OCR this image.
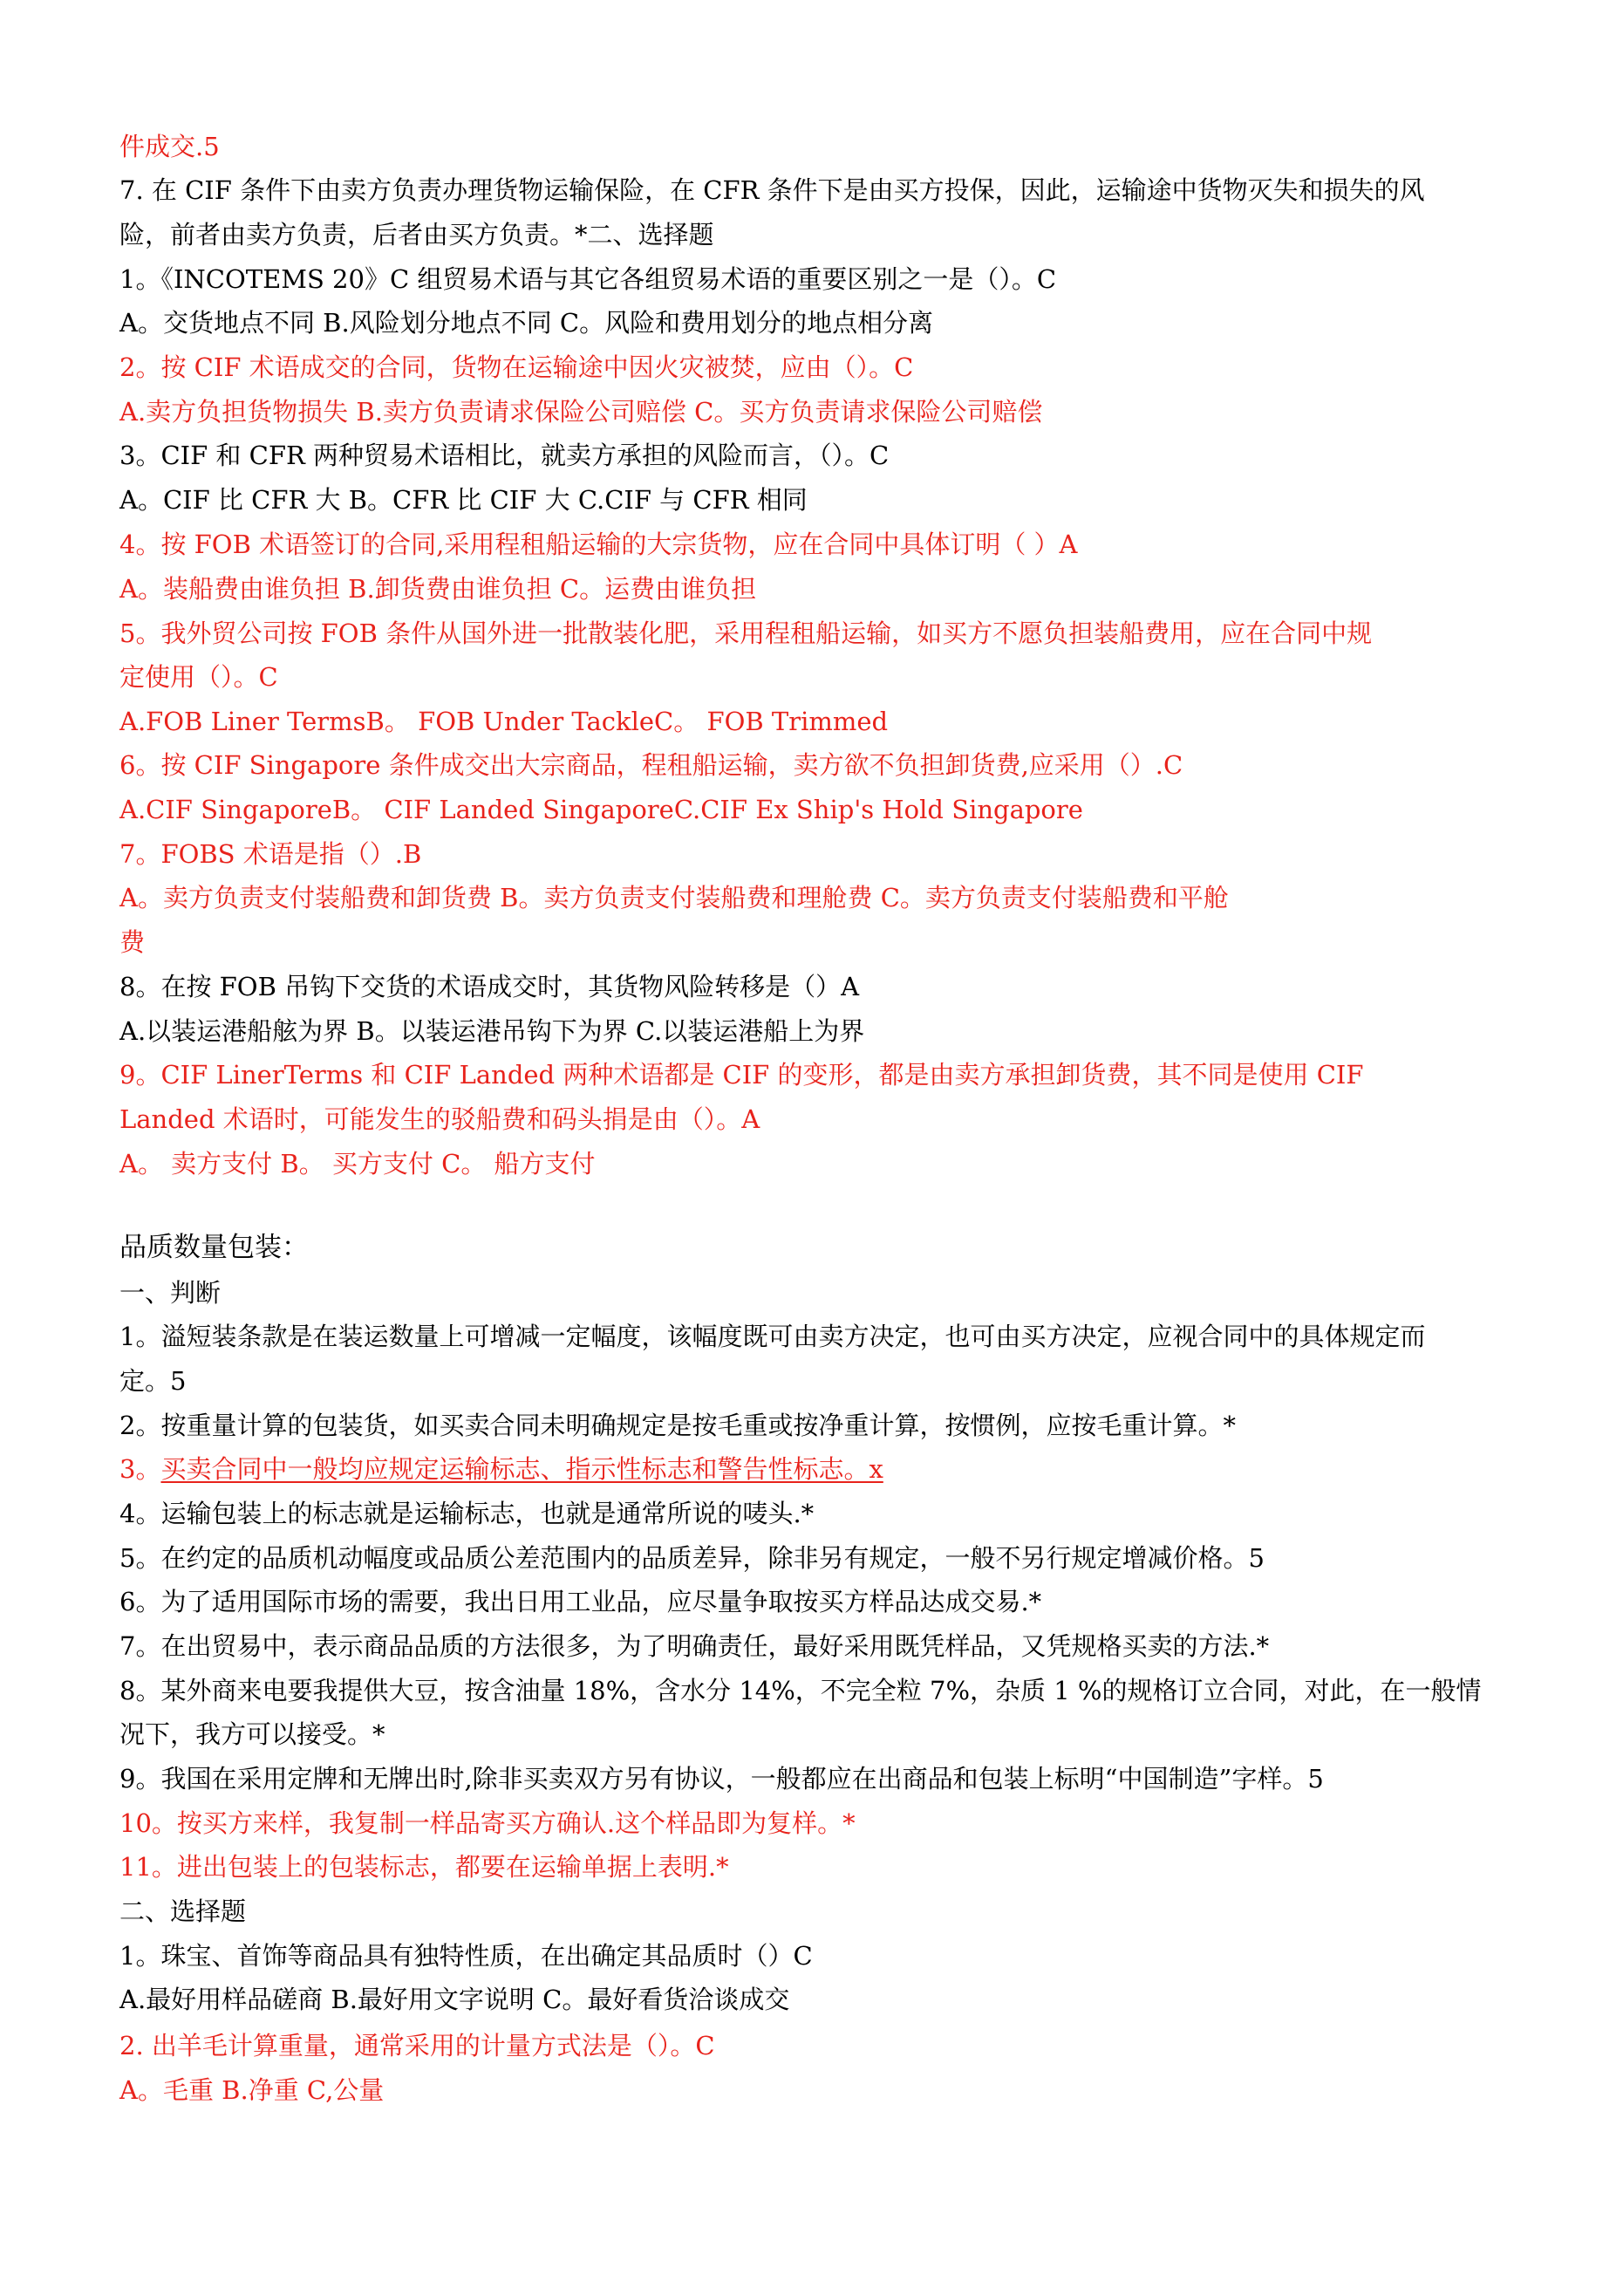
件成交.5
7. 在 CIF 条件下由卖方负责办理货物运输保险，在 CFR 条件下是由买方投保，因此，运输途中货物灭失和损失的风
险，前者由卖方负责，后者由买方负责。*二、选择题
1。《INCOTEMS 20》C 组贸易术语与其它各组贸易术语的重要区别之一是（）。C
A。交货地点不同 B.风险划分地点不同 C。风险和费用划分的地点相分离
2。按 CIF 术语成交的合同，货物在运输途中因火灾被焚，应由（）。C
A.卖方负担货物损失 B.卖方负责请求保险公司赔偿 C。买方负责请求保险公司赔偿
3。CIF 和 CFR 两种贸易术语相比，就卖方承担的风险而言，（）。C
A。CIF 比 CFR 大 B。CFR 比 CIF 大 C.CIF 与 CFR 相同
4。按 FOB 术语签订的合同,采用程租船运输的大宗货物，应在合同中具体订明（ ）A
A。装船费由谁负担 B.卸货费由谁负担 C。运费由谁负担
5。我外贸公司按 FOB 条件从国外进一批散装化肥，采用程租船运输，如买方不愿负担装船费用，应在合同中规
定使用（）。C
A.FOB Liner TermsB。 FOB Under TackleC。 FOB Trimmed
6。按 CIF Singapore 条件成交出大宗商品，程租船运输，卖方欲不负担卸货费,应采用（）.C
A.CIF SingaporeB。 CIF Landed SingaporeC.CIF Ex Ship's Hold Singapore
7。FOBS 术语是指（）.B
A。卖方负责支付装船费和卸货费 B。卖方负责支付装船费和理舱费 C。卖方负责支付装船费和平舱
费
8。在按 FOB 吊钩下交货的术语成交时，其货物风险转移是（）A
A.以装运港船舷为界 B。以装运港吊钩下为界 C.以装运港船上为界
9。CIF LinerTerms 和 CIF Landed 两种术语都是 CIF 的变形，都是由卖方承担卸货费，其不同是使用 CIF
Landed 术语时，可能发生的驳船费和码头捐是由（）。A
A。 卖方支付 B。 买方支付 C。 船方支付
品质数量包装：
一、判断
1。溢短装条款是在装运数量上可增减一定幅度，该幅度既可由卖方决定，也可由买方决定，应视合同中的具体规定而
定。5
2。按重量计算的包装货，如买卖合同未明确规定是按毛重或按净重计算，按惯例，应按毛重计算。*
3。买卖合同中一般均应规定运输标志、指示性标志和警告性标志。x
4。运输包装上的标志就是运输标志，也就是通常所说的唛头.*
5。在约定的品质机动幅度或品质公差范围内的品质差异，除非另有规定，一般不另行规定增减价格。5
6。为了适用国际市场的需要，我出日用工业品，应尽量争取按买方样品达成交易.*
7。在出贸易中，表示商品品质的方法很多，为了明确责任，最好采用既凭样品，又凭规格买卖的方法.*
8。某外商来电要我提供大豆，按含油量 18%，含水分 14%，不完全粒 7%，杂质 1 %的规格订立合同，对此，在一般情
况下，我方可以接受。*
9。我国在采用定牌和无牌出时,除非买卖双方另有协议，一般都应在出商品和包装上标明“中国制造”字样。5
10。按买方来样，我复制一样品寄买方确认.这个样品即为复样。*
11。进出包装上的包装标志，都要在运输单据上表明.*
二、选择题
1。珠宝、首饰等商品具有独特性质，在出确定其品质时（）C
A.最好用样品磋商 B.最好用文字说明 C。最好看货洽谈成交
2. 出羊毛计算重量，通常采用的计量方式法是（）。C
A。毛重 B.净重 C,公量
